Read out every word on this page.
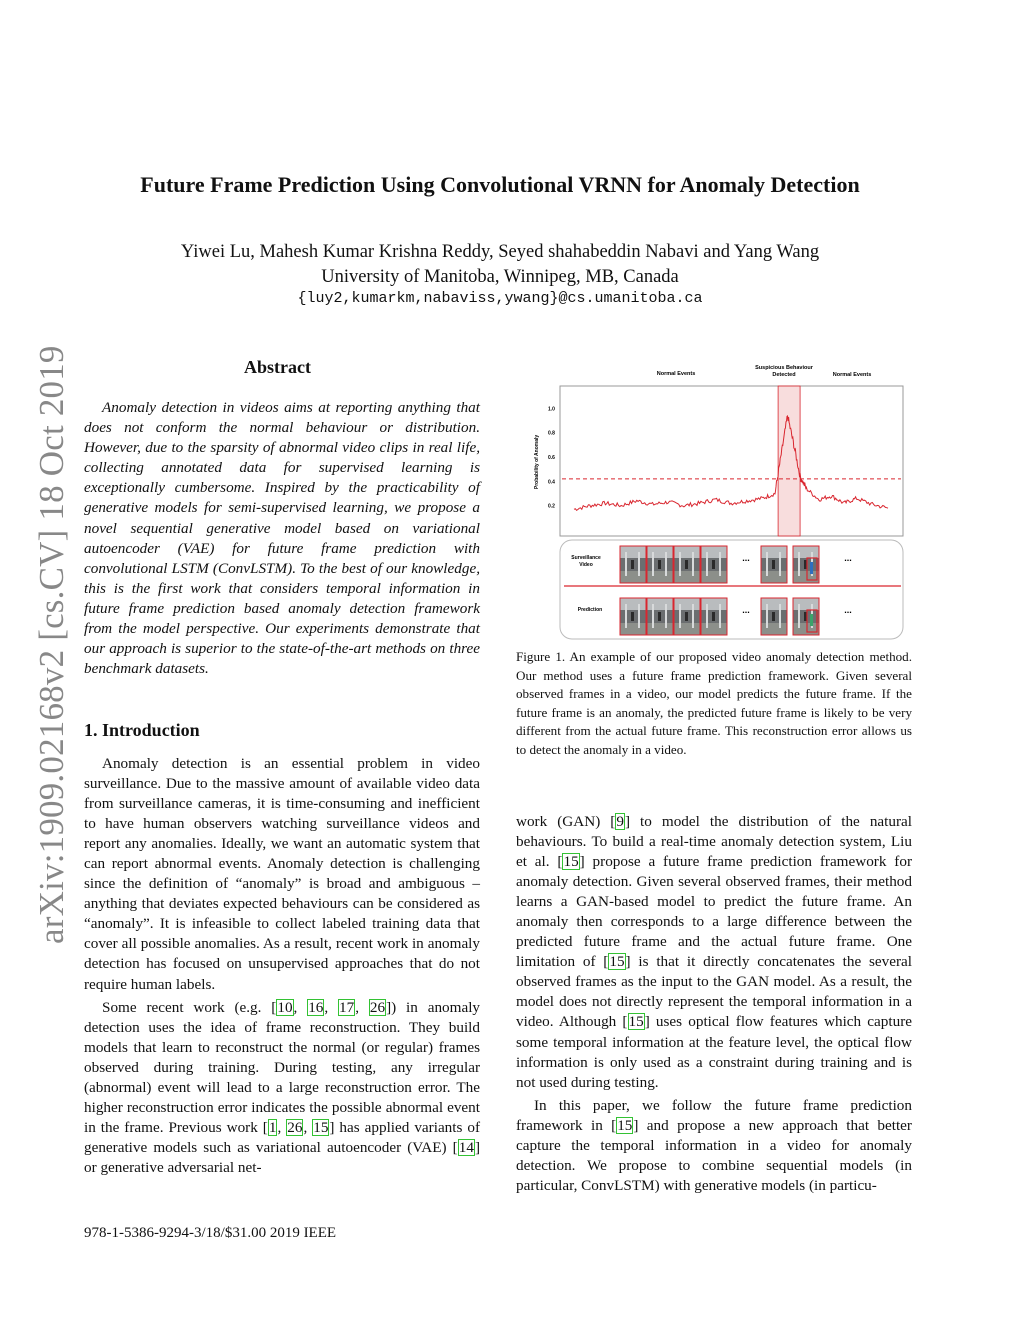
arXiv:1909.02168v2 [cs.CV] 18 Oct 2019
Future Frame Prediction Using Convolutional VRNN for Anomaly Detection
Yiwei Lu, Mahesh Kumar Krishna Reddy, Seyed shahabeddin Nabavi and Yang Wang
University of Manitoba, Winnipeg, MB, Canada
{luy2,kumarkm,nabaviss,ywang}@cs.umanitoba.ca
Abstract

Anomaly detection in videos aims at reporting anything that does not conform the normal behaviour or distribution. However, due to the sparsity of abnormal video clips in real life, collecting annotated data for supervised learning is exceptionally cumbersome. Inspired by the practicability of generative models for semi-supervised learning, we propose a novel sequential generative model based on variational autoencoder (VAE) for future frame prediction with convolutional LSTM (ConvLSTM). To the best of our knowledge, this is the first work that considers temporal information in future frame prediction based anomaly detection framework from the model perspective. Our experiments demonstrate that our approach is superior to the state-of-the-art methods on three benchmark datasets.

1. Introduction

Anomaly detection is an essential problem in video surveillance. Due to the massive amount of available video data from surveillance cameras, it is time-consuming and inefficient to have human observers watching surveillance videos and report any anomalies. Ideally, we want an automatic system that can report abnormal events. Anomaly detection is challenging since the definition of “anomaly” is broad and ambiguous – anything that deviates expected behaviours can be considered as “anomaly”. It is infeasible to collect labeled training data that cover all possible anomalies. As a result, recent work in anomaly detection has focused on unsupervised approaches that do not require human labels.

Some recent work (e.g. [10, 16, 17, 26]) in anomaly detection uses the idea of frame reconstruction. They build models that learn to reconstruct the normal (or regular) frames observed during training. During testing, any irregular (abnormal) event will lead to a large reconstruction error. The higher reconstruction error indicates the possible abnormal event in the frame. Previous work [1, 26, 15] has applied variants of generative models such as variational autoencoder (VAE) [14] or generative adversarial net-

work (GAN) [9] to model the distribution of the natural behaviours. To build a real-time anomaly detection system, Liu et al. [15] propose a future frame prediction framework for anomaly detection. Given several observed frames, their method learns a GAN-based model to predict the future frame. An anomaly then corresponds to a large difference between the predicted future frame and the actual future frame. One limitation of [15] is that it directly concatenates the several observed frames as the input to the GAN model. As a result, the model does not directly represent the temporal information in a video. Although [15] uses optical flow features which capture some temporal information at the feature level, the optical flow information is only used as a constraint during training and is not used during testing.

In this paper, we follow the future frame prediction framework in [15] and propose a new approach that better capture the temporal information in a video for anomaly detection. We propose to combine sequential models (in particular, ConvLSTM) with generative models (in particu-

1.0
0.8
0.6
0.4
0.2
Normal Events
Suspicious Behaviour
Detected	Normal Events
Probability of Anomaly
Surveillance
Video
Prediction
...	...
...	...
Figure 1. An example of our proposed video anomaly detection method. Our method uses a future frame prediction framework. Given several observed frames in a video, our model predicts the future frame. If the future frame is an anomaly, the predicted future frame is likely to be very different from the actual future frame. This reconstruction error allows us to detect the anomaly in a video.
978-1-5386-9294-3/18/$31.00 2019 IEEE
